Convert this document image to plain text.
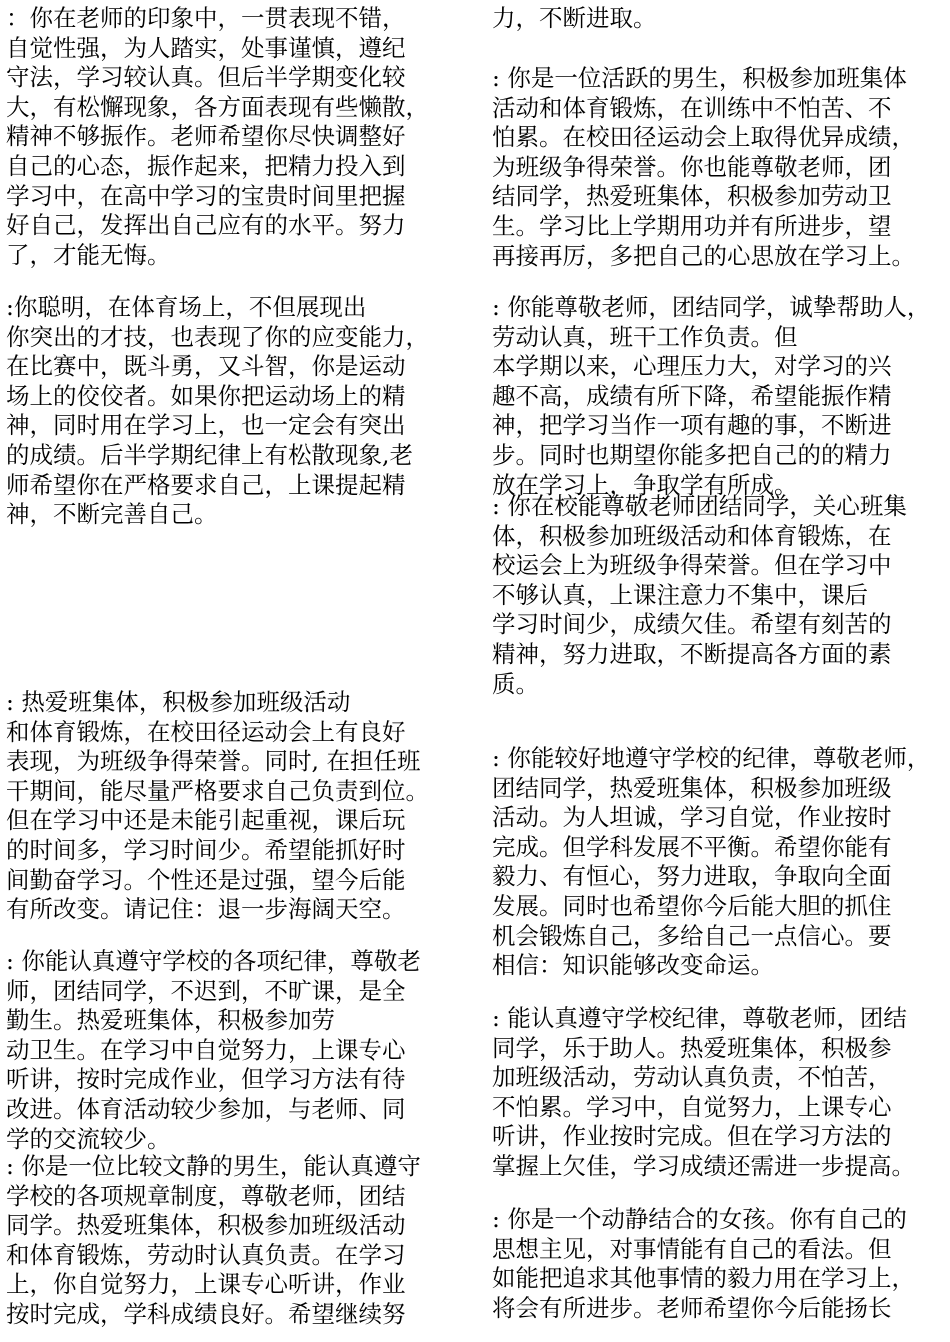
：你在老师的印象中，一贯表现不错，
自觉性强，为人踏实，处事谨慎，遵纪
守法，学习较认真。但后半学期变化较
大，有松懈现象，各方面表现有些懒散，
精神不够振作。老师希望你尽快调整好
自己的心态，振作起来，把精力投入到
学习中，在高中学习的宝贵时间里把握
好自己，发挥出自己应有的水平。努力
了，才能无悔。

:你聪明，在体育场上，不但展现出
你突出的才技，也表现了你的应变能力，
在比赛中，既斗勇，又斗智，你是运动
场上的佼佼者。如果你把运动场上的精
神，同时用在学习上，也一定会有突出
的成绩。后半学期纪律上有松散现象,老
师希望你在严格要求自己，上课提起精
神，不断完善自己。

: 热爱班集体，积极参加班级活动
和体育锻炼，在校田径运动会上有良好
表现，为班级争得荣誉。同时, 在担任班
干期间，能尽量严格要求自己负责到位。
但在学习中还是未能引起重视，课后玩
的时间多，学习时间少。希望能抓好时
间勤奋学习。个性还是过强，望今后能
有所改变。请记住：退一步海阔天空。

: 你能认真遵守学校的各项纪律，尊敬老
师，团结同学，不迟到，不旷课，是全
勤生。热爱班集体，积极参加劳
动卫生。在学习中自觉努力，上课专心
听讲，按时完成作业，但学习方法有待
改进。体育活动较少参加，与老师、同
学的交流较少。

: 你是一位比较文静的男生，能认真遵守
学校的各项规章制度，尊敬老师，团结
同学。热爱班集体，积极参加班级活动
和体育锻炼，劳动时认真负责。在学习
上，你自觉努力，上课专心听讲，作业
按时完成，学科成绩良好。希望继续努

力，不断进取。

: 你是一位活跃的男生，积极参加班集体
活动和体育锻炼，在训练中不怕苦、不
怕累。在校田径运动会上取得优异成绩，
为班级争得荣誉。你也能尊敬老师，团
结同学，热爱班集体，积极参加劳动卫
生。学习比上学期用功并有所进步，望
再接再厉，多把自己的心思放在学习上。

: 你能尊敬老师，团结同学，诚挚帮助人，
劳动认真，班干工作负责。但
本学期以来，心理压力大，对学习的兴
趣不高，成绩有所下降，希望能振作精
神，把学习当作一项有趣的事，不断进
步。同时也期望你能多把自己的的精力
放在学习上，争取学有所成。

: 你在校能尊敬老师团结同学，关心班集
体，积极参加班级活动和体育锻炼，在
校运会上为班级争得荣誉。但在学习中
不够认真，上课注意力不集中，课后
学习时间少，成绩欠佳。希望有刻苦的
精神，努力进取，不断提高各方面的素
质。

: 你能较好地遵守学校的纪律，尊敬老师，
团结同学，热爱班集体，积极参加班级
活动。为人坦诚，学习自觉，作业按时
完成。但学科发展不平衡。希望你能有
毅力、有恒心，努力进取，争取向全面
发展。同时也希望你今后能大胆的抓住
机会锻炼自己，多给自己一点信心。要
相信：知识能够改变命运。

: 能认真遵守学校纪律，尊敬老师，团结
同学，乐于助人。热爱班集体，积极参
加班级活动，劳动认真负责，不怕苦，
不怕累。学习中，自觉努力，上课专心
听讲，作业按时完成。但在学习方法的
掌握上欠佳，学习成绩还需进一步提高。

: 你是一个动静结合的女孩。你有自己的
思想主见，对事情能有自己的看法。但
如能把追求其他事情的毅力用在学习上，
将会有所进步。老师希望你今后能扬长
